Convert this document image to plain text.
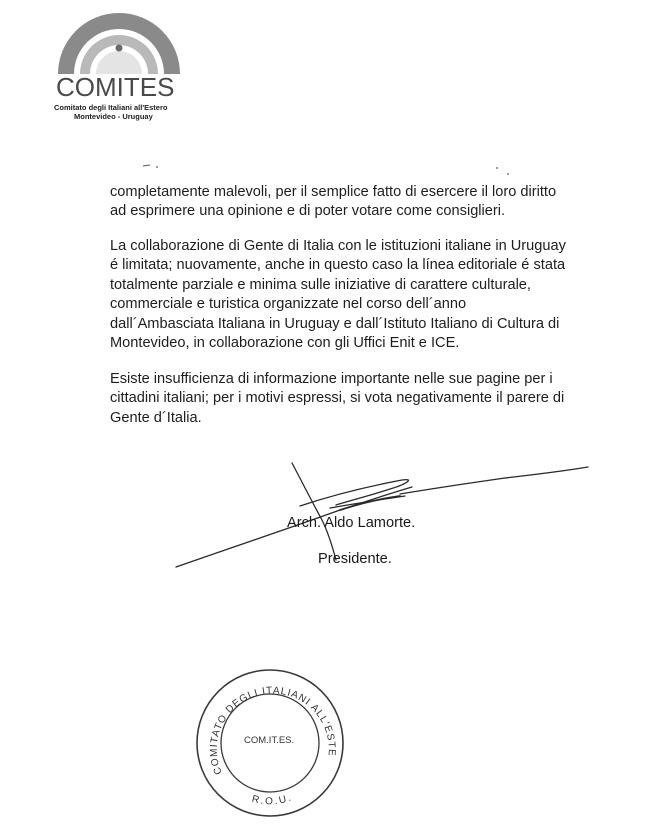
COMITES
Comitato degli Italiani all'Estero
Montevideo - Uruguay
completamente malevoli, per il semplice fatto di esercere il loro diritto
ad esprimere una opinione e di poter votare come consiglieri.
La collaborazione di Gente di Italia con le istituzioni italiane in Uruguay
é limitata; nuovamente, anche in questo caso la línea editoriale é stata
totalmente parziale e minima sulle iniziative di carattere culturale,
commerciale e turistica organizzate nel corso dell´anno
dall´Ambasciata Italiana in Uruguay e dall´Istituto Italiano di Cultura di
Montevideo, in collaborazione con gli Uffici Enit e ICE.
Esiste insufficienza di informazione importante nelle sue pagine per i
cittadini italiani; per i motivi espressi, si vota negativamente il parere di
Gente d´Italia.
Arch. Aldo Lamorte.
Presidente.
COMITATO DEGLI ITALIANI ALL'ESTE
R.O.U.
COM.IT.ES.
